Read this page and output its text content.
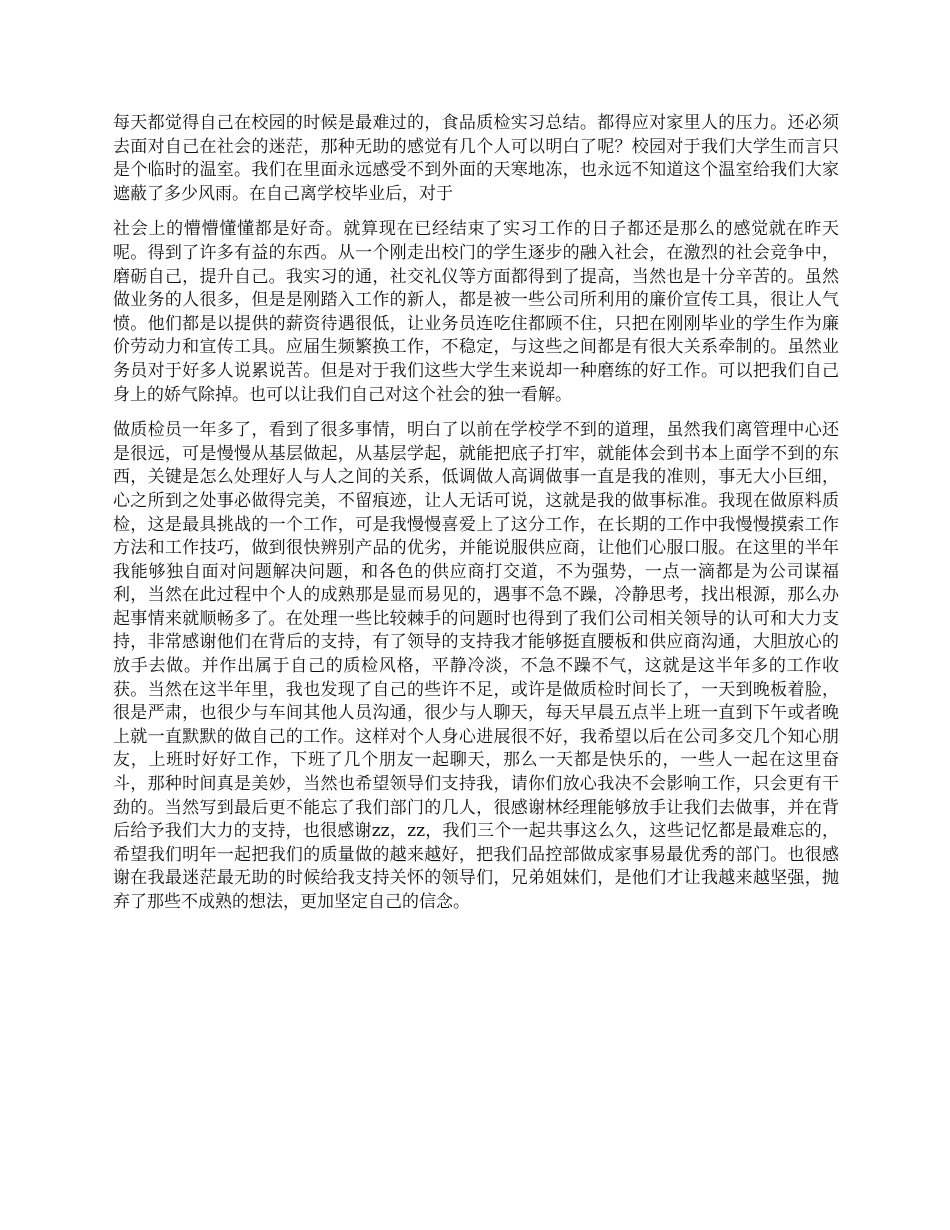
每天都觉得自己在校园的时候是最难过的，食品质检实习总结。都得应对家里人的压力。还必须去面对自己在社会的迷茫，那种无助的感觉有几个人可以明白了呢？校园对于我们大学生而言只是个临时的温室。我们在里面永远感受不到外面的天寒地冻，也永远不知道这个温室给我们大家遮蔽了多少风雨。在自己离学校毕业后，对于

社会上的懵懵懂懂都是好奇。就算现在已经结束了实习工作的日子都还是那么的感觉就在昨天呢。得到了许多有益的东西。从一个刚走出校门的学生逐步的融入社会，在激烈的社会竞争中，磨砺自己，提升自己。我实习的通，社交礼仪等方面都得到了提高，当然也是十分辛苦的。虽然做业务的人很多，但是是刚踏入工作的新人，都是被一些公司所利用的廉价宣传工具，很让人气愤。他们都是以提供的薪资待遇很低，让业务员连吃住都顾不住，只把在刚刚毕业的学生作为廉价劳动力和宣传工具。应届生频繁换工作，不稳定，与这些之间都是有很大关系牵制的。虽然业务员对于好多人说累说苦。但是对于我们这些大学生来说却一种磨练的好工作。可以把我们自己身上的娇气除掉。也可以让我们自己对这个社会的独一看解。

做质检员一年多了，看到了很多事情，明白了以前在学校学不到的道理，虽然我们离管理中心还是很远，可是慢慢从基层做起，从基层学起，就能把底子打牢，就能体会到书本上面学不到的东西，关键是怎么处理好人与人之间的关系，低调做人高调做事一直是我的准则，事无大小巨细，心之所到之处事必做得完美，不留痕迹，让人无话可说，这就是我的做事标准。我现在做原料质检，这是最具挑战的一个工作，可是我慢慢喜爱上了这分工作，在长期的工作中我慢慢摸索工作方法和工作技巧，做到很快辨别产品的优劣，并能说服供应商，让他们心服口服。在这里的半年我能够独自面对问题解决问题，和各色的供应商打交道，不为强势，一点一滴都是为公司谋福利，当然在此过程中个人的成熟那是显而易见的，遇事不急不躁，冷静思考，找出根源，那么办起事情来就顺畅多了。在处理一些比较棘手的问题时也得到了我们公司相关领导的认可和大力支持，非常感谢他们在背后的支持，有了领导的支持我才能够挺直腰板和供应商沟通，大胆放心的放手去做。并作出属于自己的质检风格，平静冷淡，不急不躁不气，这就是这半年多的工作收获。当然在这半年里，我也发现了自己的些许不足，或许是做质检时间长了，一天到晚板着脸，很是严肃，也很少与车间其他人员沟通，很少与人聊天，每天早晨五点半上班一直到下午或者晚上就一直默默的做自己的工作。这样对个人身心进展很不好，我希望以后在公司多交几个知心朋友，上班时好好工作，下班了几个朋友一起聊天，那么一天都是快乐的，一些人一起在这里奋斗，那种时间真是美妙，当然也希望领导们支持我，请你们放心我决不会影响工作，只会更有干劲的。当然写到最后更不能忘了我们部门的几人，很感谢林经理能够放手让我们去做事，并在背后给予我们大力的支持，也很感谢zz，zz，我们三个一起共事这么久，这些记忆都是最难忘的，希望我们明年一起把我们的质量做的越来越好，把我们品控部做成家事易最优秀的部门。也很感谢在我最迷茫最无助的时候给我支持关怀的领导们，兄弟姐妹们，是他们才让我越来越坚强，抛弃了那些不成熟的想法，更加坚定自己的信念。
